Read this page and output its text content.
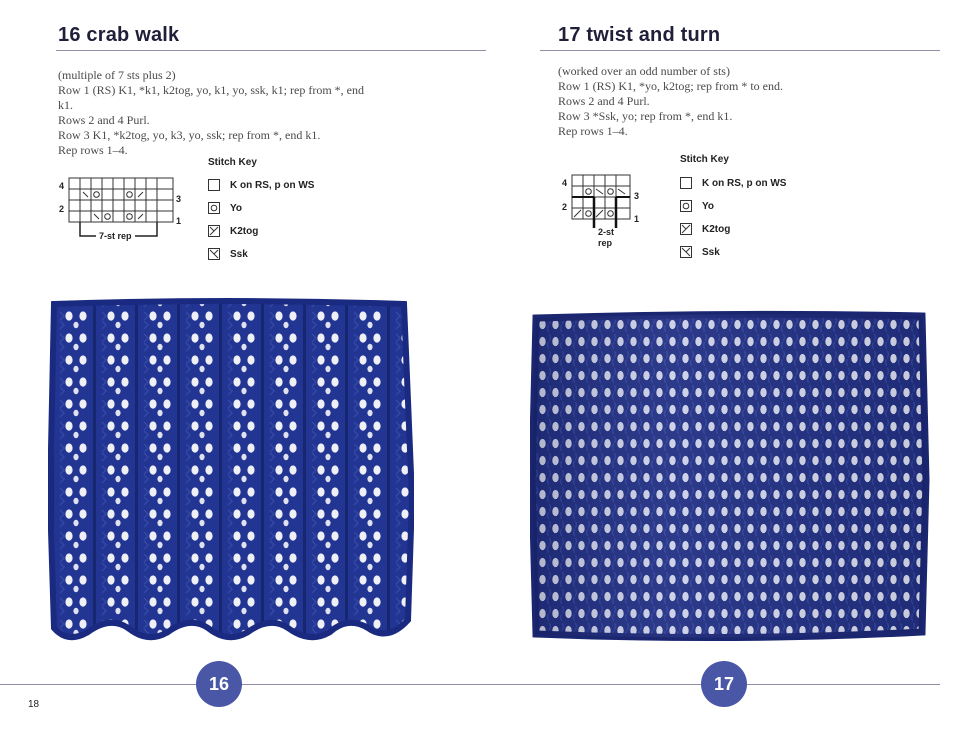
16 crab walk
(multiple of 7 sts plus 2)
Row 1 (RS) K1, *k1, k2tog, yo, k1, yo, ssk, k1; rep from *, end k1.
Rows 2 and 4 Purl.
Row 3 K1, *k2tog, yo, k3, yo, ssk; rep from *, end k1.
Rep rows 1–4.
4
2
3
1
7-st rep
Stitch Key
K on RS, p on WS
Yo
K2tog
Ssk
17 twist and turn
(worked over an odd number of sts)
Row 1 (RS) K1, *yo, k2tog; rep from * to end.
Rows 2 and 4 Purl.
Row 3 *Ssk, yo; rep from *, end k1.
Rep rows 1–4.
4
2
3
1
2-st
rep
Stitch Key
K on RS, p on WS
Yo
K2tog
Ssk
16	17
18
